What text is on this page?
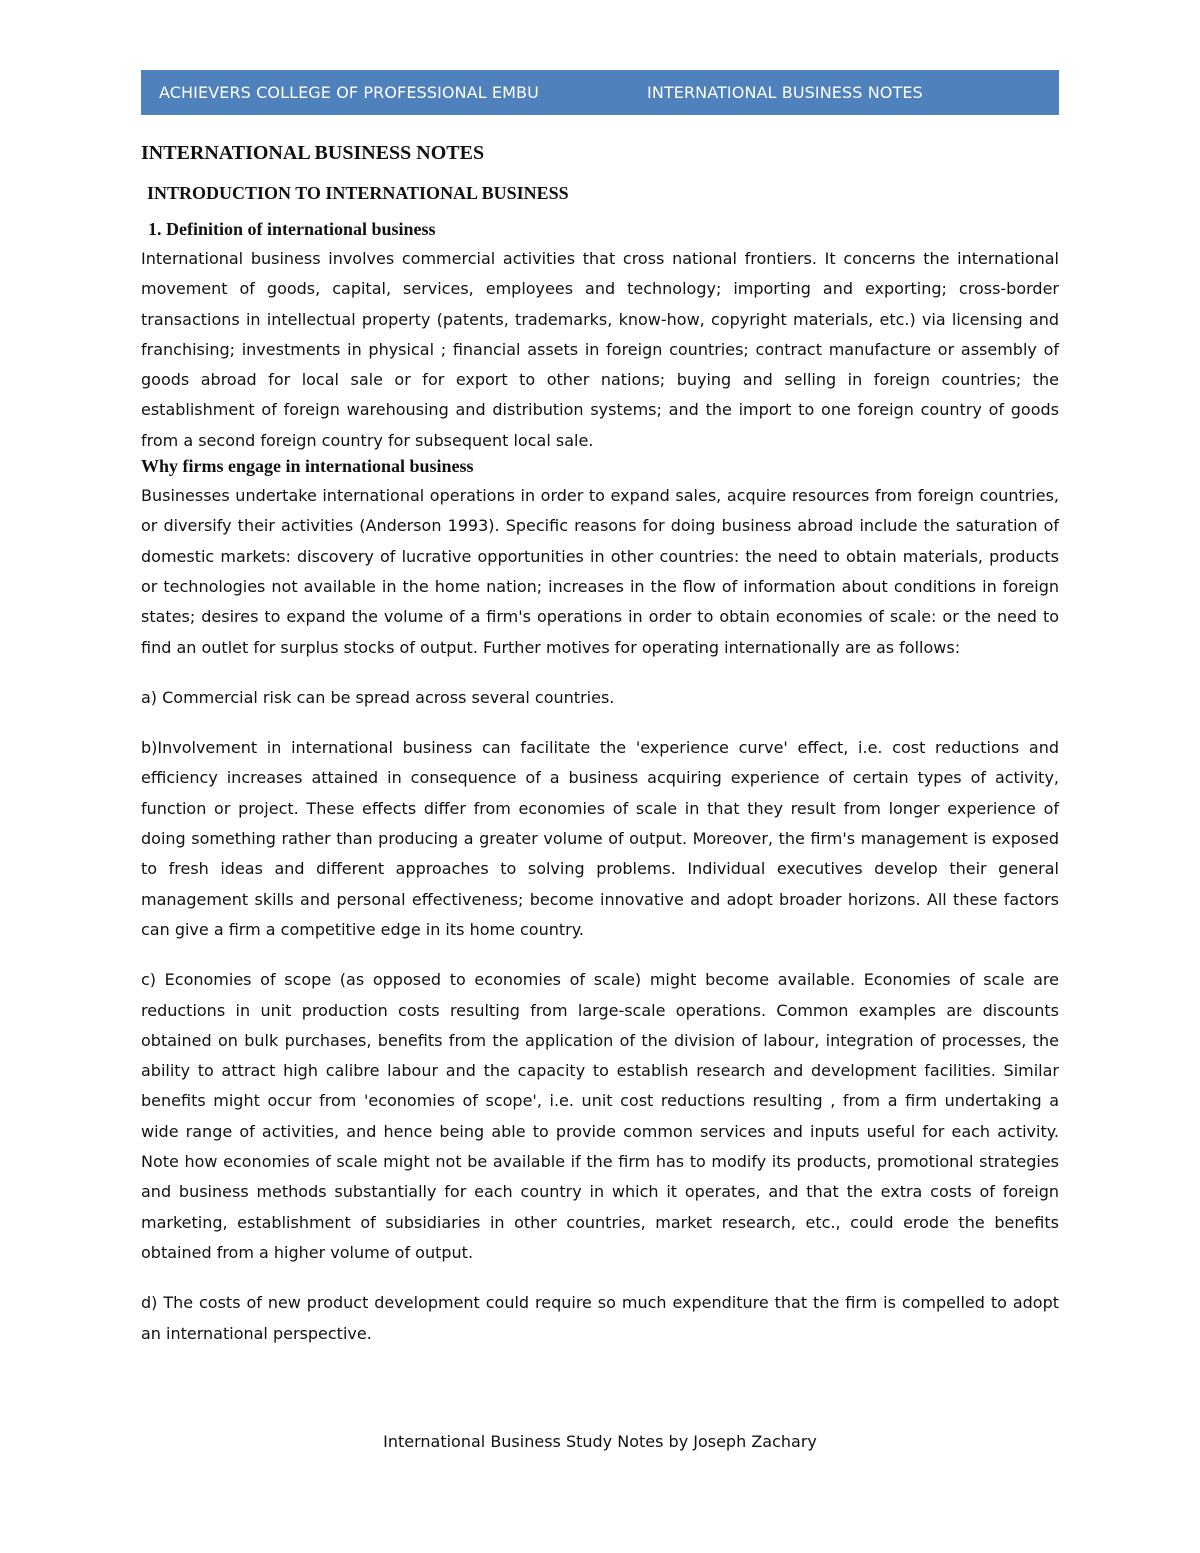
ACHIEVERS COLLEGE OF PROFESSIONAL EMBU	INTERNATIONAL BUSINESS NOTES
INTERNATIONAL BUSINESS NOTES
INTRODUCTION TO INTERNATIONAL BUSINESS
1. Definition of international business

International business involves commercial activities that cross national frontiers. It concerns the international movement of goods, capital, services, employees and technology; importing and exporting; cross-border transactions in intellectual property (patents, trademarks, know-how, copyright materials, etc.) via licensing and franchising; investments in physical ; financial assets in foreign countries; contract manufacture or assembly of goods abroad for local sale or for export to other nations; buying and selling in foreign countries; the establishment of foreign warehousing and distribution systems; and the import to one foreign country of goods from a second foreign country for subsequent local sale.

Why firms engage in international business

Businesses undertake international operations in order to expand sales, acquire resources from foreign countries, or diversify their activities (Anderson 1993). Specific reasons for doing business abroad include the saturation of domestic markets: discovery of lucrative opportunities in other countries: the need to obtain materials, products or technologies not available in the home nation; increases in the flow of information about conditions in foreign states; desires to expand the volume of a firm's operations in order to obtain economies of scale: or the need to find an outlet for surplus stocks of output. Further motives for operating internationally are as follows:

a) Commercial risk can be spread across several countries.

b)Involvement in international business can facilitate the 'experience curve' effect, i.e. cost reductions and efficiency increases attained in consequence of a business acquiring experience of certain types of activity, function or project. These effects differ from economies of scale in that they result from longer experience of doing something rather than producing a greater volume of output. Moreover, the firm's management is exposed to fresh ideas and different approaches to solving problems. Individual executives develop their general management skills and personal effectiveness; become innovative and adopt broader horizons. All these factors can give a firm a competitive edge in its home country.

c) Economies of scope (as opposed to economies of scale) might become available. Economies of scale are reductions in unit production costs resulting from large-scale operations. Common examples are discounts obtained on bulk purchases, benefits from the application of the division of labour, integration of processes, the ability to attract high calibre labour and the capacity to establish research and development facilities. Similar benefits might occur from 'economies of scope', i.e. unit cost reductions resulting , from a firm undertaking a wide range of activities, and hence being able to provide common services and inputs useful for each activity. Note how economies of scale might not be available if the firm has to modify its products, promotional strategies and business methods substantially for each country in which it operates, and that the extra costs of foreign marketing, establishment of subsidiaries in other countries, market research, etc., could erode the benefits obtained from a higher volume of output.

d) The costs of new product development could require so much expenditure that the firm is compelled to adopt an international perspective.

International Business Study Notes by Joseph Zachary
